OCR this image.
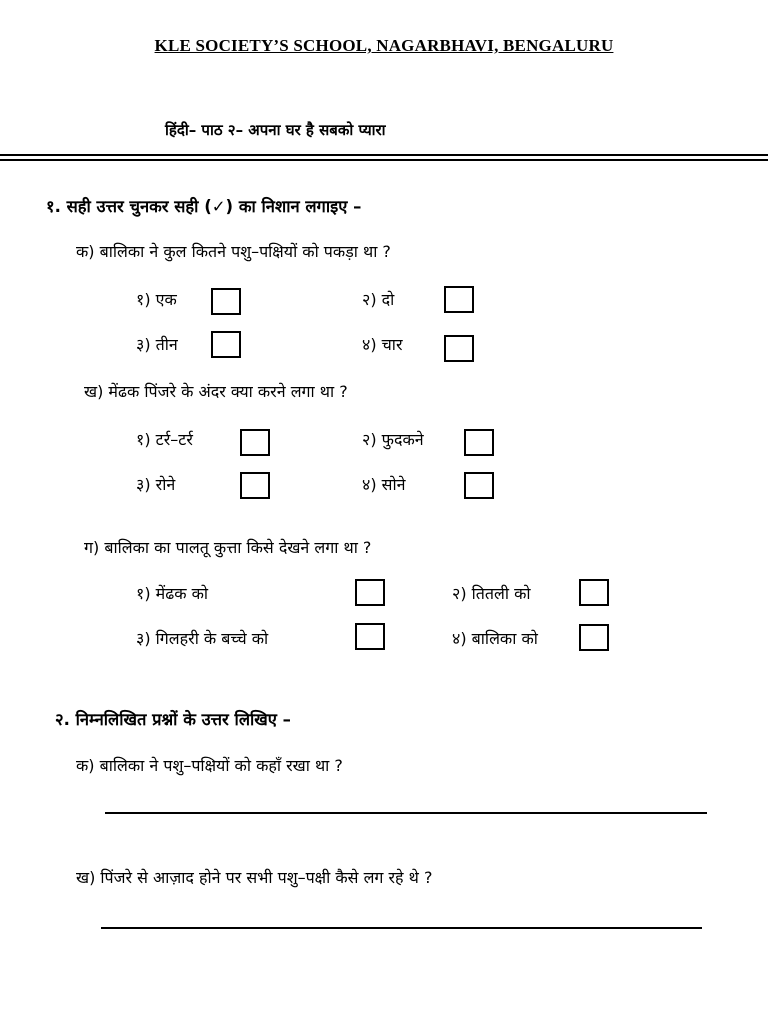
KLE SOCIETY’S SCHOOL, NAGARBHAVI, BENGALURU
हिंदी– पाठ २– अपना घर है सबको प्यारा
१. सही उत्तर चुनकर सही (✓) का निशान लगाइए –
क) बालिका ने कुल कितने पशु–पक्षियों को पकड़ा था ?
१) एक	२) दो
३) तीन	४) चार
ख) मेंढक पिंजरे के अंदर क्या करने लगा था ?
१) टर्र–टर्र	२) फुदकने
३) रोने	४) सोने
ग) बालिका का पालतू कुत्ता किसे देखने लगा था ?
१) मेंढक को	२) तितली को
३) गिलहरी के बच्चे को	४) बालिका को
२. निम्नलिखित प्रश्नों के उत्तर लिखिए –
क) बालिका ने पशु–पक्षियों को कहाँ रखा था ?
ख) पिंजरे से आज़ाद होने पर सभी पशु–पक्षी कैसे लग रहे थे ?
